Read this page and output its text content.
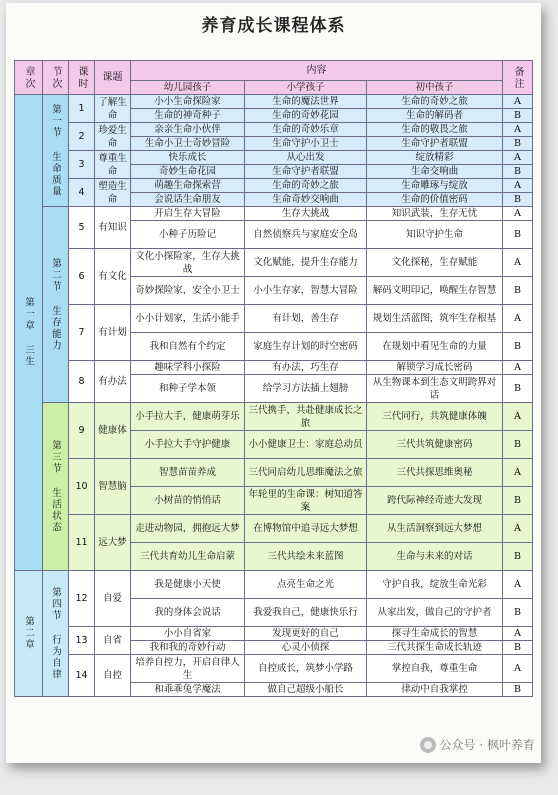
养育成长课程体系
章次	节次	课时	课题	内容			备注

				幼儿园孩子	小学孩子	初中孩子	

第一章 三生	第一节 生命质量	1	了解生命	小小生命探险家	生命的魔法世界	生命的奇妙之旅	A
				生命的神奇种子	生命的奇妙花园	生命的解码者	B
		2	珍爱生命	亲亲生命小伙伴	生命的奇妙乐章	生命的敬畏之旅	A
				生命小卫士奇妙冒险	生命守护小卫士	生命守护者联盟	B
		3	尊重生命	快乐成长	从心出发	绽放精彩	A
				奇妙生命花园	生命守护者联盟	生命交响曲	B
		4	塑造生命	萌趣生命探索营	生命的奇妙之旅	生命雕琢与绽放	A
				会说话生命朋友	生命奇妙交响曲	生命的价值密码	B

	第二节 生存能力	5	有知识	开启生存大冒险	生存大挑战	知识武装，生存无忧	A
				小种子历险记	自然侦察兵与家庭安全岛	知识守护生命	B
		6	有文化	文化小探险家，生存大挑战	文化赋能，提升生存能力	文化探秘，生存赋能	A
				奇妙探险家，安全小卫士	小小生存家，智慧大冒险	解码文明印记，唤醒生存智慧	B
		7	有计划	小小计划家，生活小能手	有计划，善生存	规划生活蓝图，筑牢生存根基	A
				我和自然有个约定	家庭生存计划的时空密码	在规划中看见生命的力量	B
		8	有办法	趣味学科小探险	有办法，巧生存	解锁学习成长密码	A
				和种子学本领	给学习方法插上翅膀	从生物课本到生态文明跨界对话	B

	第三节 生活状态	9	健康体	小手拉大手，健康萌芽乐	三代携手，共赴健康成长之旅	三代同行，共筑健康体魄	A
				小手拉大手守护健康	小小健康卫士：家庭总动员	三代共筑健康密码	B
		10	智慧脑	智慧苗苗养成	三代同启幼儿思维魔法之旅	三代共探思维奥秘	A
				小树苗的悄悄话	年轮里的生命课：树知道答案	跨代际神经奇迹大发现	B
		11	远大梦	走进动物园，拥抱远大梦	在博物馆中追寻远大梦想	从生活洞察到远大梦想	A
				三代共育幼儿生命启蒙	三代共绘未来蓝图	生命与未来的对话	B

第二章	第四节 行为自律	12	自爱	我是健康小天使	点亮生命之光	守护自我，绽放生命光彩	A
				我的身体会说话	我爱我自己，健康快乐行	从家出发，做自己的守护者	B
		13	自省	小小自省家	发现更好的自己	探寻生命成长的智慧	A
				我和我的奇妙行动	心灵小侦探	三代共探生命成长轨迹	B
		14	自控	培养自控力，开启自律人生	自控成长，筑梦小学路	掌控自我，尊重生命	A
				和乖乖兔学魔法	做自己超级小船长	律动中自我掌控	B
公众号 · 枫叶养育
